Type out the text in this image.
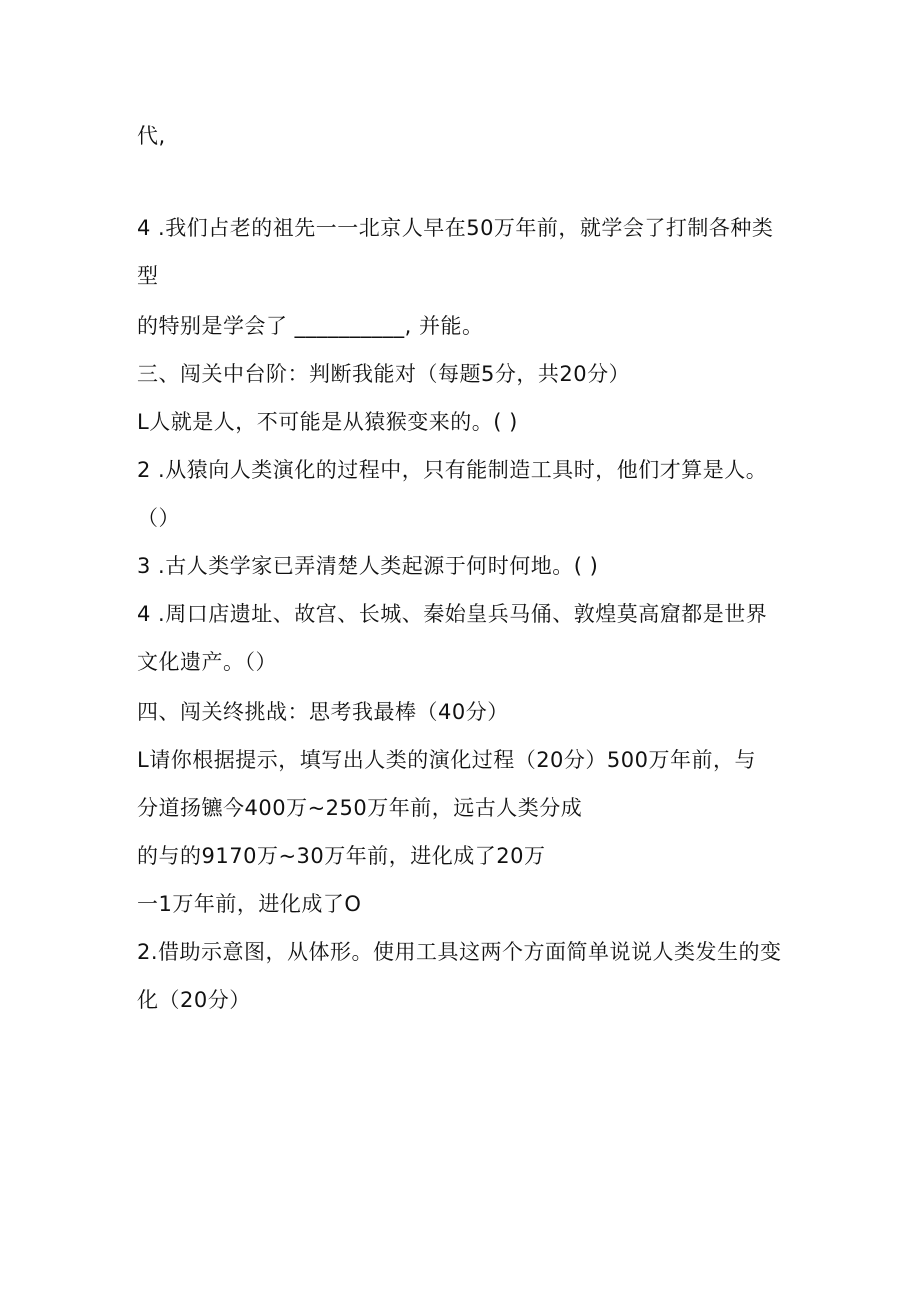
代,
4 .我们占老的祖先一一北京人早在50万年前，就学会了打制各种类
型
的特别是学会了 __________, 并能。
三、闯关中台阶：判断我能对（每题5分，共20分）
L人就是人，不可能是从猿猴变来的。( )
2 .从猿向人类演化的过程中，只有能制造工具时，他们才算是人。
（）
3 .古人类学家已弄清楚人类起源于何时何地。( )
4 .周口店遗址、故宫、长城、秦始皇兵马俑、敦煌莫高窟都是世界
文化遗产。（）
四、闯关终挑战：思考我最棒（40分）
L请你根据提示，填写出人类的演化过程（20分）500万年前，与
分道扬镳今400万~250万年前，远古人类分成
的与的9170万~30万年前，进化成了20万
一1万年前，进化成了O
2.借助示意图，从体形。使用工具这两个方面简单说说人类发生的变
化（20分）
